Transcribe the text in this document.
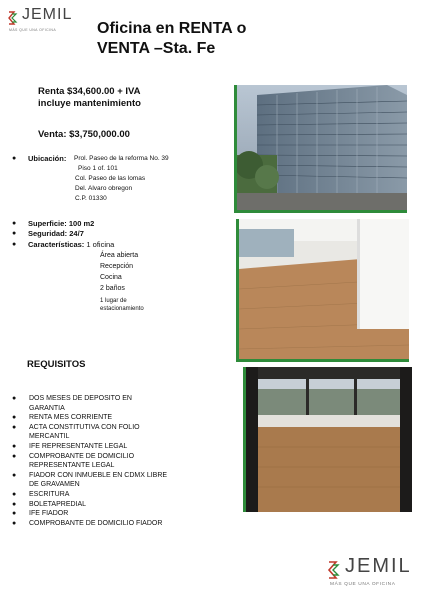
JEMIL
MÁS QUE UNA OFICINA	Oficina en RENTA o
VENTA –Sta. Fe
Renta $34,600.00 + IVA
incluye mantenimiento
Venta: $3,750,000.00
● Ubicación: Prol. Paseo de la reforma No. 39
Piso 1 of. 101
Col. Paseo de las lomas
Del. Alvaro obregon
C.P. 01330
● Superficie: 100 m2
● Seguridad: 24/7
● Características: 1 oficina
Área abierta
Recepción
Cocina
2 baños
1 lugar de
estacionamiento
REQUISITOS
● DOS MESES DE DEPOSITO EN
GARANTIA
● RENTA MES CORRIENTE
● ACTA CONSTITUTIVA CON FOLIO
MERCANTIL
● IFE REPRESENTANTE LEGAL
● COMPROBANTE DE DOMICILIO
REPRESENTANTE LEGAL
● FIADOR CON INMUEBLE EN CDMX LIBRE
DE GRAVAMEN
● ESCRITURA
● BOLETAPREDIAL
● IFE FIADOR
● COMPROBANTE DE DOMICILIO FIADOR
JEMIL
MÁS QUE UNA OFICINA
